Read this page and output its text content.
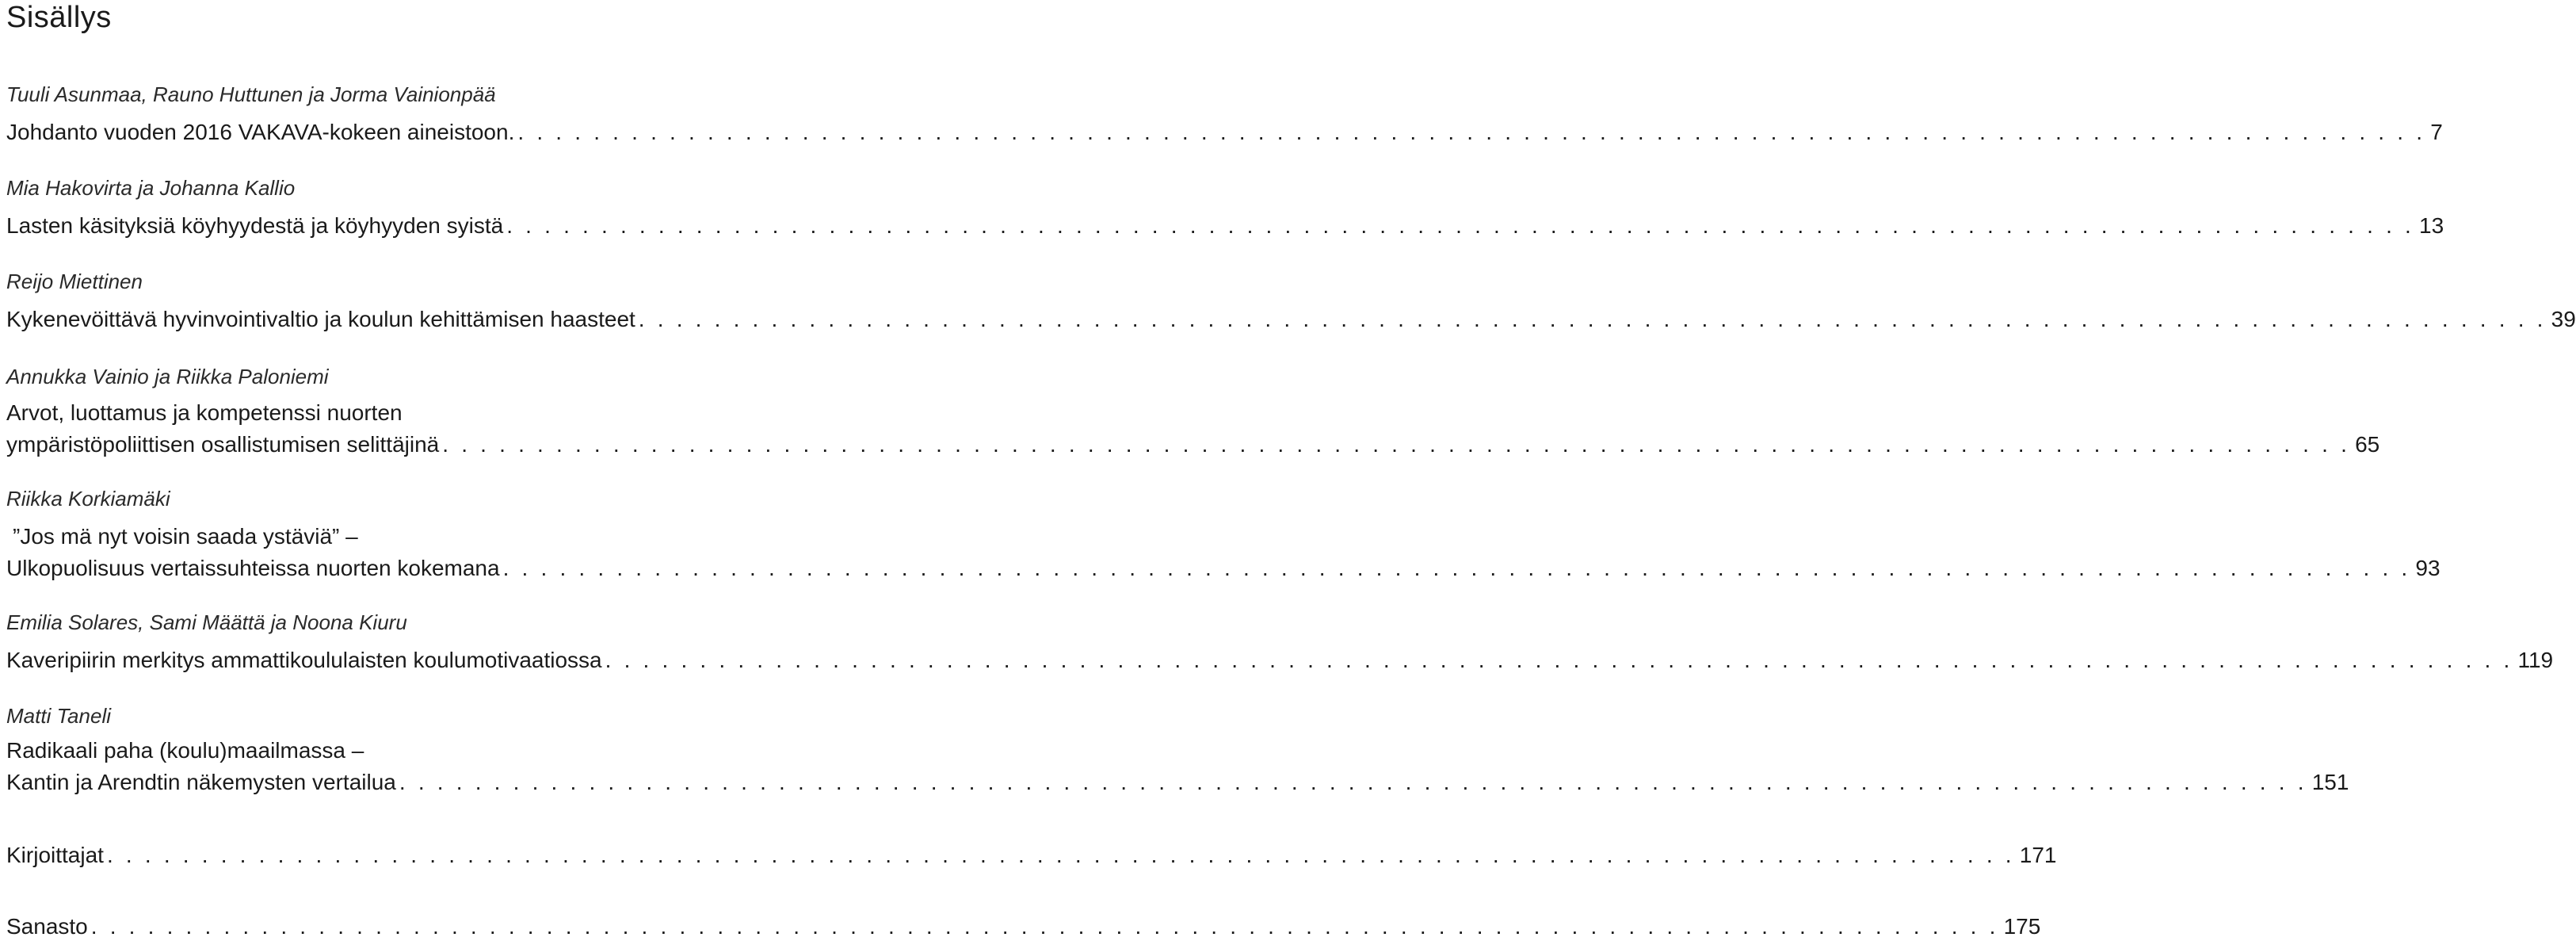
Sisällys
Tuuli Asunmaa, Rauno Huttunen ja Jorma Vainionpää
Johdanto vuoden 2016 VAKAVA-kokeen aineistoon. . . . . . . . . . . . . . . . . . . . . . . . . . . . . . . . . . . . . . . . . . . . . . . . . . . . . . . . . . . . . . . . . . . . . . . . . . . . . . . . . . . . . . . . . . . . . . . . . . . . . . 7
Mia Hakovirta ja Johanna Kallio
Lasten käsityksiä köyhyydestä ja köyhyyden syistä . . . . . . . . . . . . . . . . . . . . . . . . . . . . . . . . . . . . . . . . . . . . . . . . . . . . . . . . . . . . . . . . . . . . . . . . . . . . . . . . . . . . . . . . . . . . . . . . . . . . . 13
Reijo Miettinen
Kykenevöittävä hyvinvointivaltio ja koulun kehittämisen haasteet . . . . . . . . . . . . . . . . . . . . . . . . . . . . . . . . . . . . . . . . . . . . . . . . . . . . . . . . . . . . . . . . . . . . . . . . . . . . . . . . . . . . . . . . . . . . . . . . . . . . . 39
Annukka Vainio ja Riikka Paloniemi
Arvot, luottamus ja kompetenssi nuorten
ympäristöpoliittisen osallistumisen selittäjinä . . . . . . . . . . . . . . . . . . . . . . . . . . . . . . . . . . . . . . . . . . . . . . . . . . . . . . . . . . . . . . . . . . . . . . . . . . . . . . . . . . . . . . . . . . . . . . . . . . . . . 65
Riikka Korkiamäki
”Jos mä nyt voisin saada ystäviä” –
Ulkopuolisuus vertaissuhteissa nuorten kokemana . . . . . . . . . . . . . . . . . . . . . . . . . . . . . . . . . . . . . . . . . . . . . . . . . . . . . . . . . . . . . . . . . . . . . . . . . . . . . . . . . . . . . . . . . . . . . . . . . . . . . 93
Emilia Solares, Sami Määttä ja Noona Kiuru
Kaveripiirin merkitys ammattikoululaisten koulumotivaatiossa . . . . . . . . . . . . . . . . . . . . . . . . . . . . . . . . . . . . . . . . . . . . . . . . . . . . . . . . . . . . . . . . . . . . . . . . . . . . . . . . . . . . . . . . . . . . . . . . . . . . . 119
Matti Taneli
Radikaali paha (koulu)maailmassa –
Kantin ja Arendtin näkemysten vertailua . . . . . . . . . . . . . . . . . . . . . . . . . . . . . . . . . . . . . . . . . . . . . . . . . . . . . . . . . . . . . . . . . . . . . . . . . . . . . . . . . . . . . . . . . . . . . . . . . . . . . 151
Kirjoittajat . . . . . . . . . . . . . . . . . . . . . . . . . . . . . . . . . . . . . . . . . . . . . . . . . . . . . . . . . . . . . . . . . . . . . . . . . . . . . . . . . . . . . . . . . . . . . . . . . . . . . 171
Sanasto . . . . . . . . . . . . . . . . . . . . . . . . . . . . . . . . . . . . . . . . . . . . . . . . . . . . . . . . . . . . . . . . . . . . . . . . . . . . . . . . . . . . . . . . . . . . . . . . . . . . . 175
